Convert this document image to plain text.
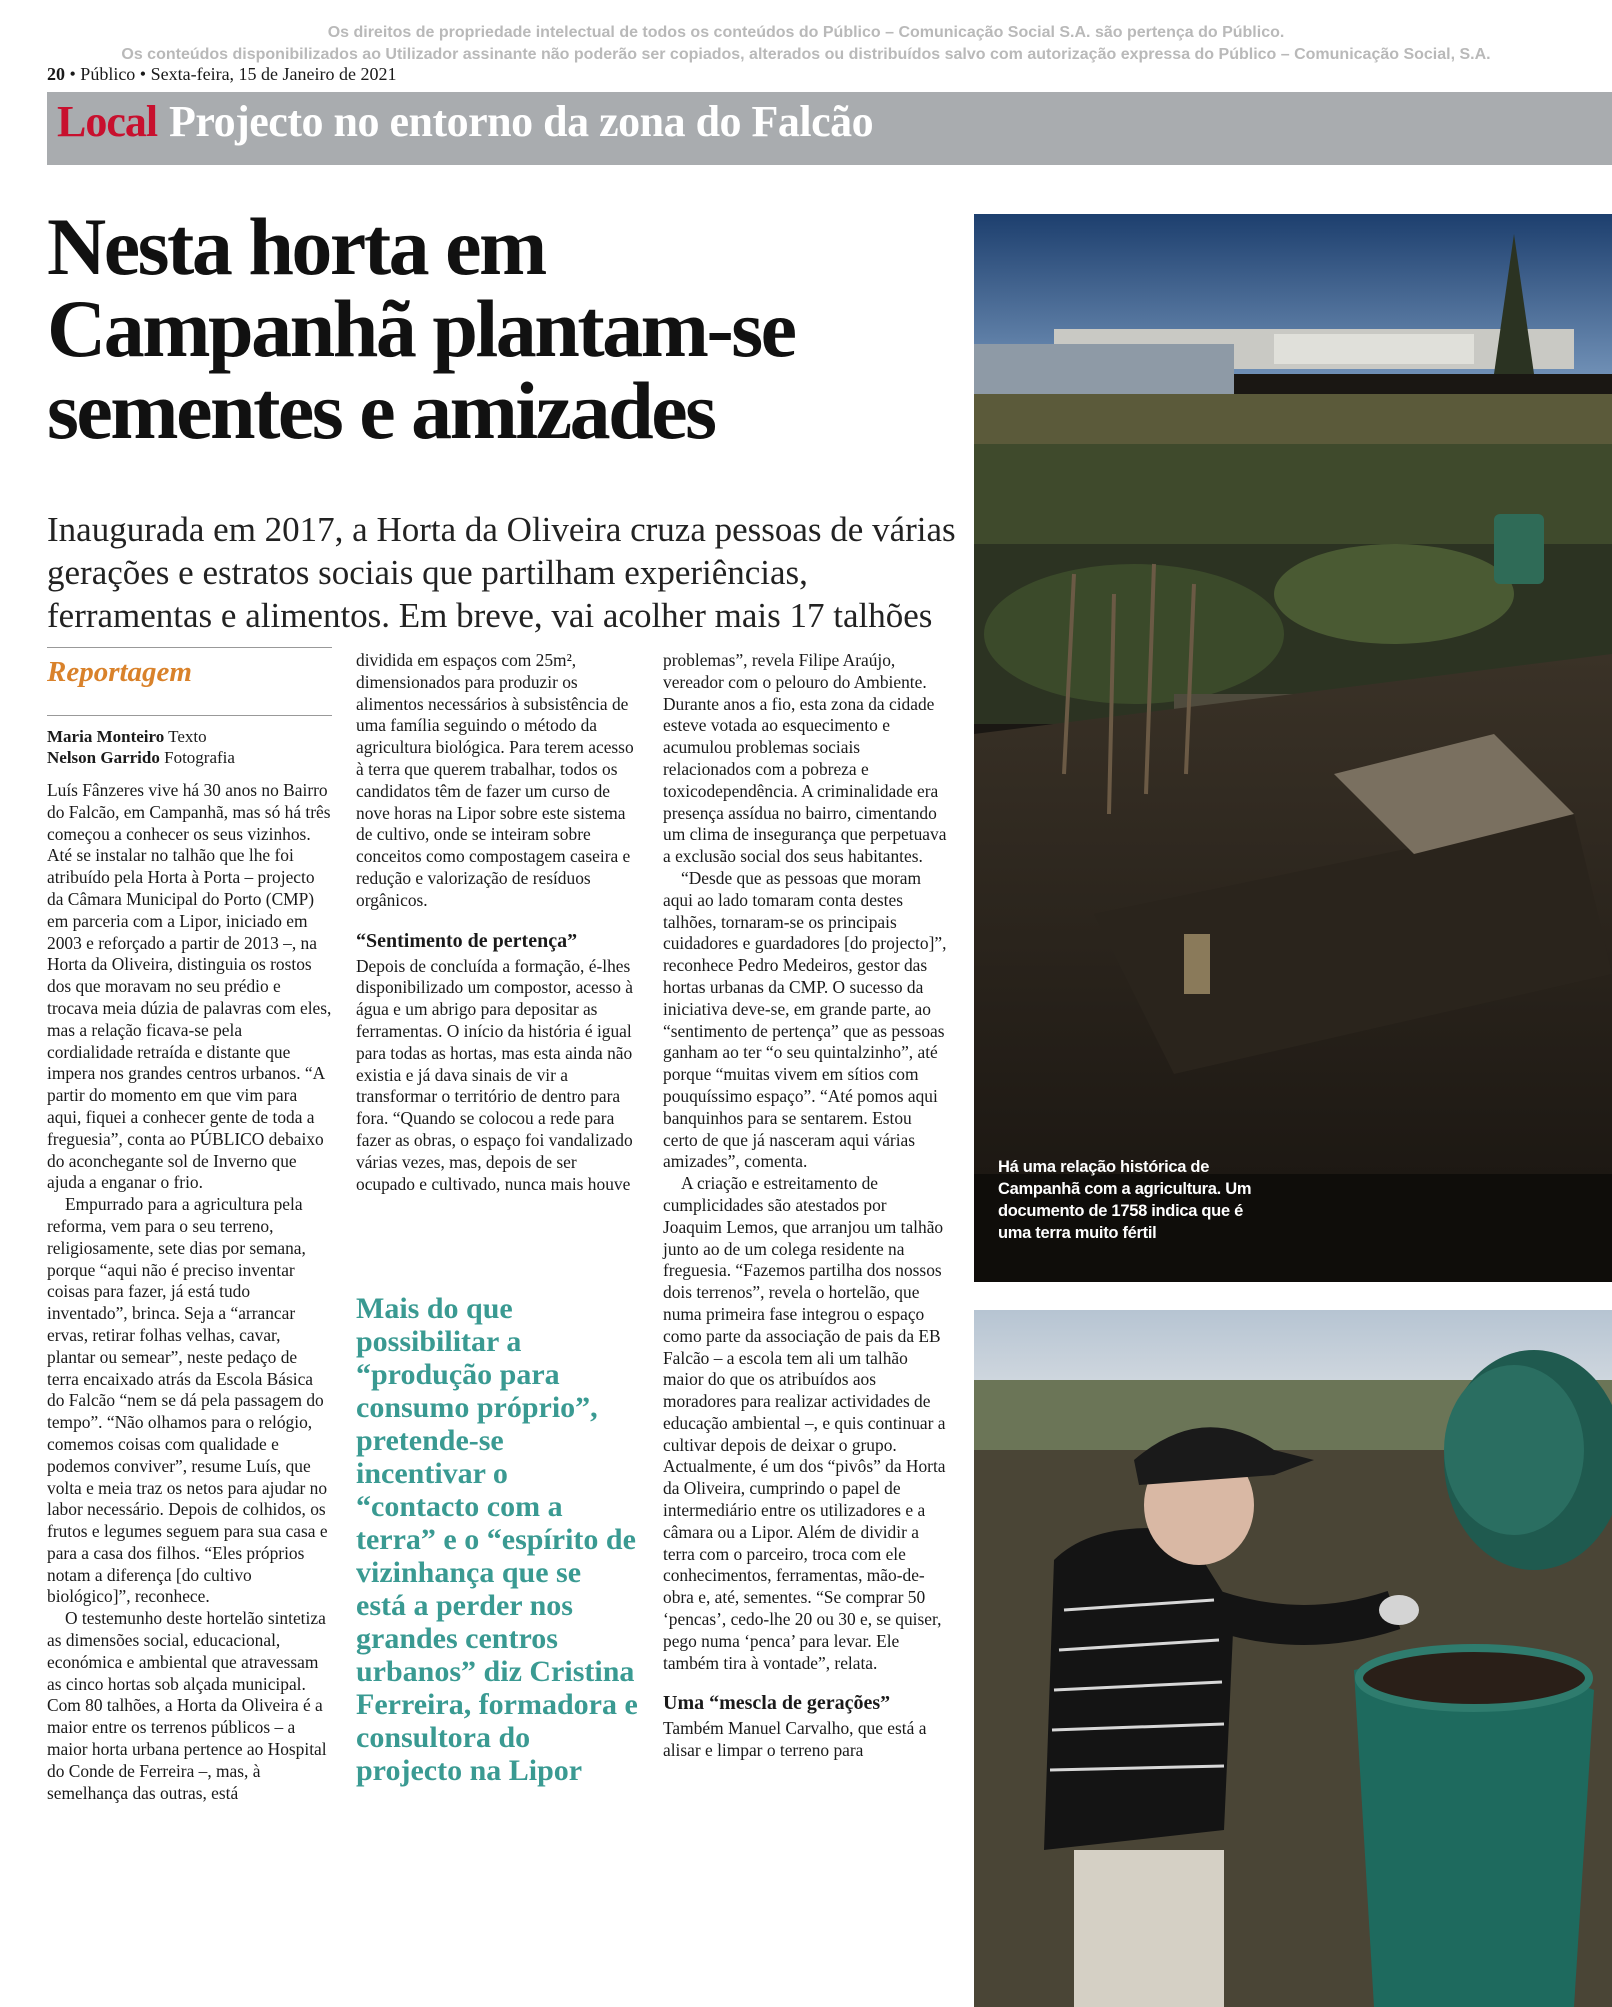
Os direitos de propriedade intelectual de todos os conteúdos do Público – Comunicação Social S.A. são pertença do Público.
Os conteúdos disponibilizados ao Utilizador assinante não poderão ser copiados, alterados ou distribuídos salvo com autorização expressa do Público – Comunicação Social, S.A.
20 • Público • Sexta-feira, 15 de Janeiro de 2021
Local Projecto no entorno da zona do Falcão
Nesta horta em
Campanhã plantam-se
sementes e amizades
Inaugurada em 2017, a Horta da Oliveira cruza pessoas de várias gerações e estratos sociais que partilham experiências, ferramentas e alimentos. Em breve, vai acolher mais 17 talhões
Reportagem
Maria Monteiro Texto
Nelson Garrido Fotografia

Luís Fânzeres vive há 30 anos no Bairro do Falcão, em Campanhã, mas só há três começou a conhecer os seus vizinhos. Até se instalar no talhão que lhe foi atribuído pela Horta à Porta – projecto da Câmara Municipal do Porto (CMP) em parceria com a Lipor, iniciado em 2003 e reforçado a partir de 2013 –, na Horta da Oliveira, distinguia os rostos dos que moravam no seu prédio e trocava meia dúzia de palavras com eles, mas a relação ficava-se pela cordialidade retraída e distante que impera nos grandes centros urbanos. “A partir do momento em que vim para aqui, fiquei a conhecer gente de toda a freguesia”, conta ao PÚBLICO debaixo do aconchegante sol de Inverno que ajuda a enganar o frio.

Empurrado para a agricultura pela reforma, vem para o seu terreno, religiosamente, sete dias por semana, porque “aqui não é preciso inventar coisas para fazer, já está tudo inventado”, brinca. Seja a “arrancar ervas, retirar folhas velhas, cavar, plantar ou semear”, neste pedaço de terra encaixado atrás da Escola Básica do Falcão “nem se dá pela passagem do tempo”. “Não olhamos para o relógio, comemos coisas com qualidade e podemos conviver”, resume Luís, que volta e meia traz os netos para ajudar no labor necessário. Depois de colhidos, os frutos e legumes seguem para sua casa e para a casa dos filhos. “Eles próprios notam a diferença [do cultivo biológico]”, reconhece.

O testemunho deste hortelão sintetiza as dimensões social, educacional, económica e ambiental que atravessam as cinco hortas sob alçada municipal. Com 80 talhões, a Horta da Oliveira é a maior entre os terrenos públicos – a maior horta urbana pertence ao Hospital do Conde de Ferreira –, mas, à semelhança das outras, está

dividida em espaços com 25m², dimensionados para produzir os alimentos necessários à subsistência de uma família seguindo o método da agricultura biológica. Para terem acesso à terra que querem trabalhar, todos os candidatos têm de fazer um curso de nove horas na Lipor sobre este sistema de cultivo, onde se inteiram sobre conceitos como compostagem caseira e redução e valorização de resíduos orgânicos.

“Sentimento de pertença”

Depois de concluída a formação, é-lhes disponibilizado um compostor, acesso à água e um abrigo para depositar as ferramentas. O início da história é igual para todas as hortas, mas esta ainda não existia e já dava sinais de vir a transformar o território de dentro para fora. “Quando se colocou a rede para fazer as obras, o espaço foi vandalizado várias vezes, mas, depois de ser ocupado e cultivado, nunca mais houve

Mais do que possibilitar a “produção para consumo próprio”, pretende-se incentivar o “contacto com a terra” e o “espírito de vizinhança que se está a perder nos grandes centros urbanos” diz Cristina Ferreira, formadora e consultora do projecto na Lipor

problemas”, revela Filipe Araújo, vereador com o pelouro do Ambiente. Durante anos a fio, esta zona da cidade esteve votada ao esquecimento e acumulou problemas sociais relacionados com a pobreza e toxicodependência. A criminalidade era presença assídua no bairro, cimentando um clima de insegurança que perpetuava a exclusão social dos seus habitantes.

“Desde que as pessoas que moram aqui ao lado tomaram conta destes talhões, tornaram-se os principais cuidadores e guardadores [do projecto]”, reconhece Pedro Medeiros, gestor das hortas urbanas da CMP. O sucesso da iniciativa deve-se, em grande parte, ao “sentimento de pertença” que as pessoas ganham ao ter “o seu quintalzinho”, até porque “muitas vivem em sítios com pouquíssimo espaço”. “Até pomos aqui banquinhos para se sentarem. Estou certo de que já nasceram aqui várias amizades”, comenta.

A criação e estreitamento de cumplicidades são atestados por Joaquim Lemos, que arranjou um talhão junto ao de um colega residente na freguesia. “Fazemos partilha dos nossos dois terrenos”, revela o hortelão, que numa primeira fase integrou o espaço como parte da associação de pais da EB Falcão – a escola tem ali um talhão maior do que os atribuídos aos moradores para realizar actividades de educação ambiental –, e quis continuar a cultivar depois de deixar o grupo. Actualmente, é um dos “pivôs” da Horta da Oliveira, cumprindo o papel de intermediário entre os utilizadores e a câmara ou a Lipor. Além de dividir a terra com o parceiro, troca com ele conhecimentos, ferramentas, mão-de-obra e, até, sementes. “Se comprar 50 ‘pencas’, cedo-lhe 20 ou 30 e, se quiser, pego numa ‘penca’ para levar. Ele também tira à vontade”, relata.

Uma “mescla de gerações”

Também Manuel Carvalho, que está a alisar e limpar o terreno para

Há uma relação histórica de Campanhã com a agricultura. Um documento de 1758 indica que é uma terra muito fértil
